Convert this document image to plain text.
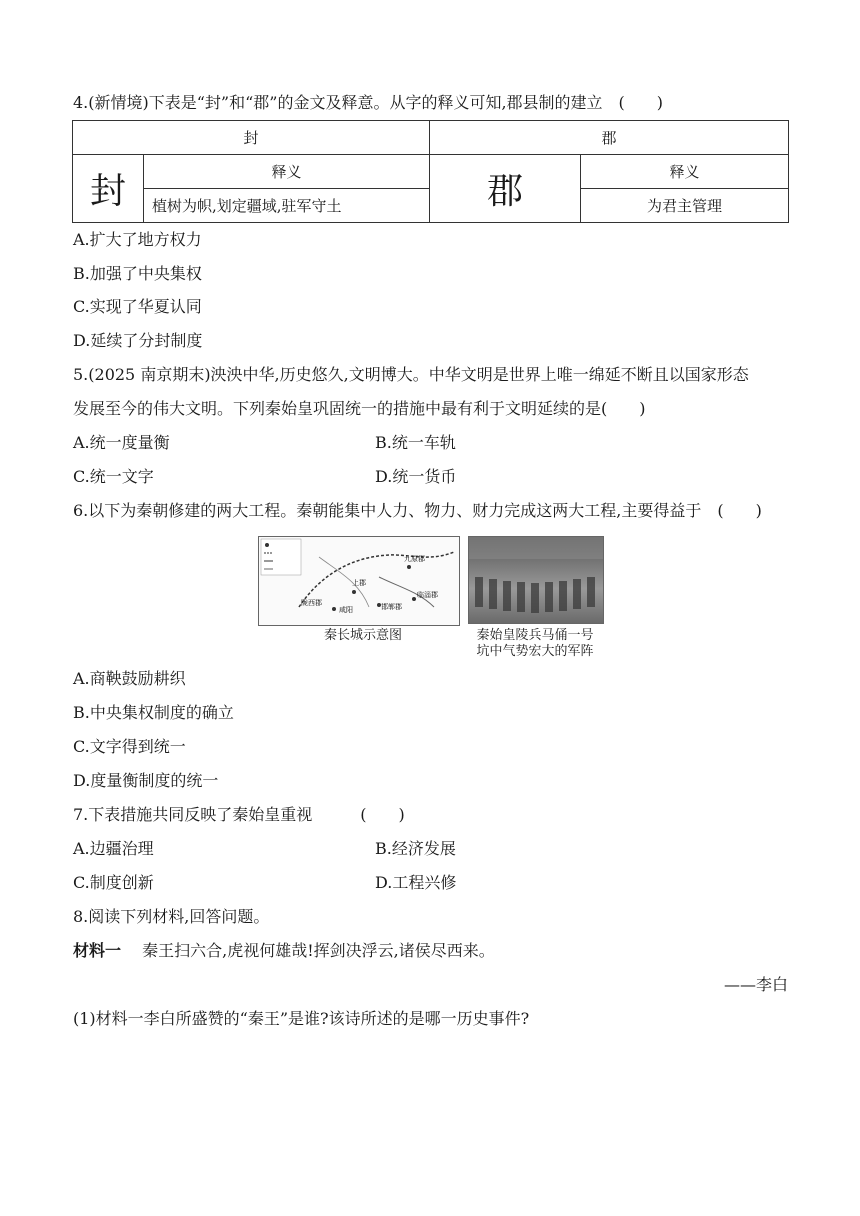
4.(新情境)下表是“封”和“郡”的金文及释意。从字的释义可知,郡县制的建立　(　　)
封		郡	
封	释义	郡	释义
	植树为帜,划定疆域,驻军守土		为君主管理
A.扩大了地方权力
B.加强了中央集权
C.实现了华夏认同
D.延续了分封制度
5.(2025 南京期末)泱泱中华,历史悠久,文明博大。中华文明是世界上唯一绵延不断且以国家形态
发展至今的伟大文明。下列秦始皇巩固统一的措施中最有利于文明延续的是(　　)
A.统一度量衡	B.统一车轨
C.统一文字	D.统一货币
6.以下为秦朝修建的两大工程。秦朝能集中人力、物力、财力完成这两大工程,主要得益于　(　　)
九原郡
上郡
咸阳
陇西郡	邯郸郡
临淄郡
秦长城示意图	秦始皇陵兵马俑一号
坑中气势宏大的军阵
A.商鞅鼓励耕织
B.中央集权制度的确立
C.文字得到统一
D.度量衡制度的统一
7.下表措施共同反映了秦始皇重视　　　(　　)
A.边疆治理	B.经济发展
C.制度创新	D.工程兴修
8.阅读下列材料,回答问题。
材料一　 秦王扫六合,虎视何雄哉!挥剑决浮云,诸侯尽西来。
——李白
(1)材料一李白所盛赞的“秦王”是谁?该诗所述的是哪一历史事件?
